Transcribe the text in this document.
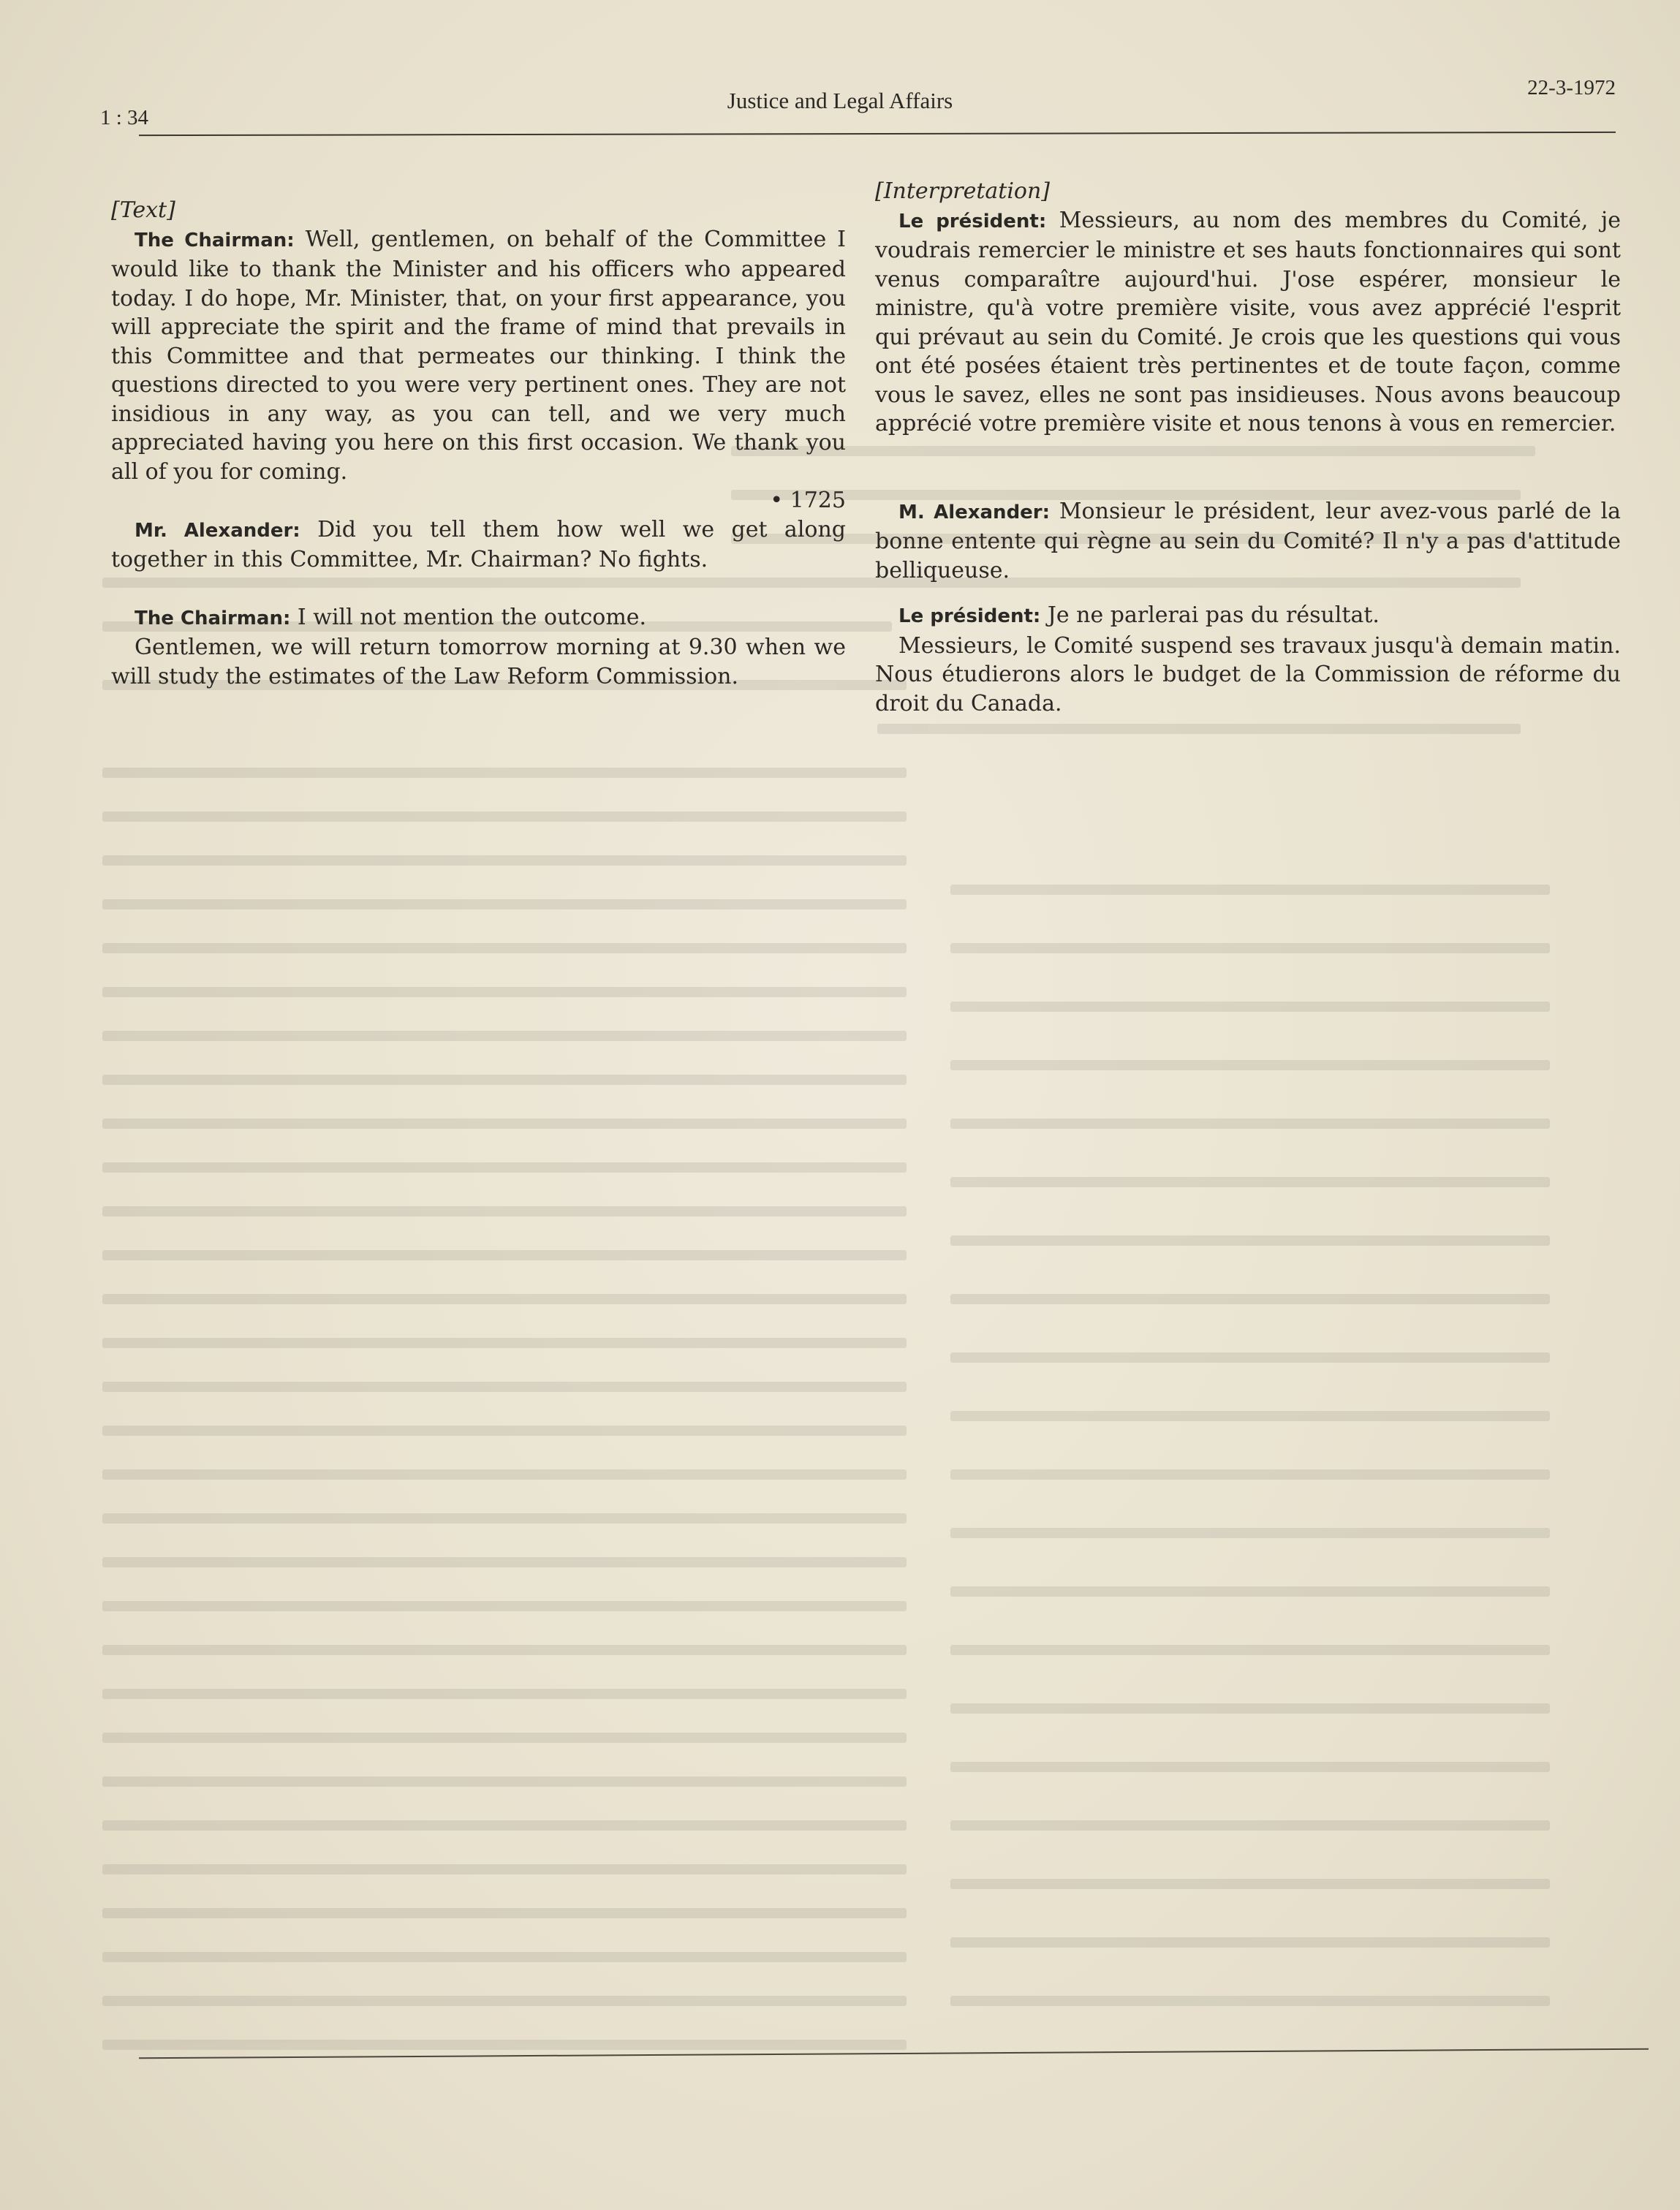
1 : 34
Justice and Legal Affairs	22-3-1972

[Text]

The Chairman: Well, gentlemen, on behalf of the Committee I would like to thank the Minister and his officers who appeared today. I do hope, Mr. Minister, that, on your first appearance, you will appreciate the spirit and the frame of mind that prevails in this Committee and that permeates our thinking. I think the questions directed to you were very pertinent ones. They are not insidious in any way, as you can tell, and we very much appreciated having you here on this first occasion. We thank you all of you for coming.

• 1725

Mr. Alexander: Did you tell them how well we get along together in this Committee, Mr. Chairman? No fights.

The Chairman: I will not mention the outcome.

Gentlemen, we will return tomorrow morning at 9.30 when we will study the estimates of the Law Reform Commission.

[Interpretation]

Le président: Messieurs, au nom des membres du Comité, je voudrais remercier le ministre et ses hauts fonctionnaires qui sont venus comparaître aujourd'hui. J'ose espérer, monsieur le ministre, qu'à votre première visite, vous avez apprécié l'esprit qui prévaut au sein du Comité. Je crois que les questions qui vous ont été posées étaient très pertinentes et de toute façon, comme vous le savez, elles ne sont pas insidieuses. Nous avons beaucoup apprécié votre première visite et nous tenons à vous en remercier.

M. Alexander: Monsieur le président, leur avez-vous parlé de la bonne entente qui règne au sein du Comité? Il n'y a pas d'attitude belliqueuse.

Le président: Je ne parlerai pas du résultat.

Messieurs, le Comité suspend ses travaux jusqu'à demain matin. Nous étudierons alors le budget de la Commission de réforme du droit du Canada.
